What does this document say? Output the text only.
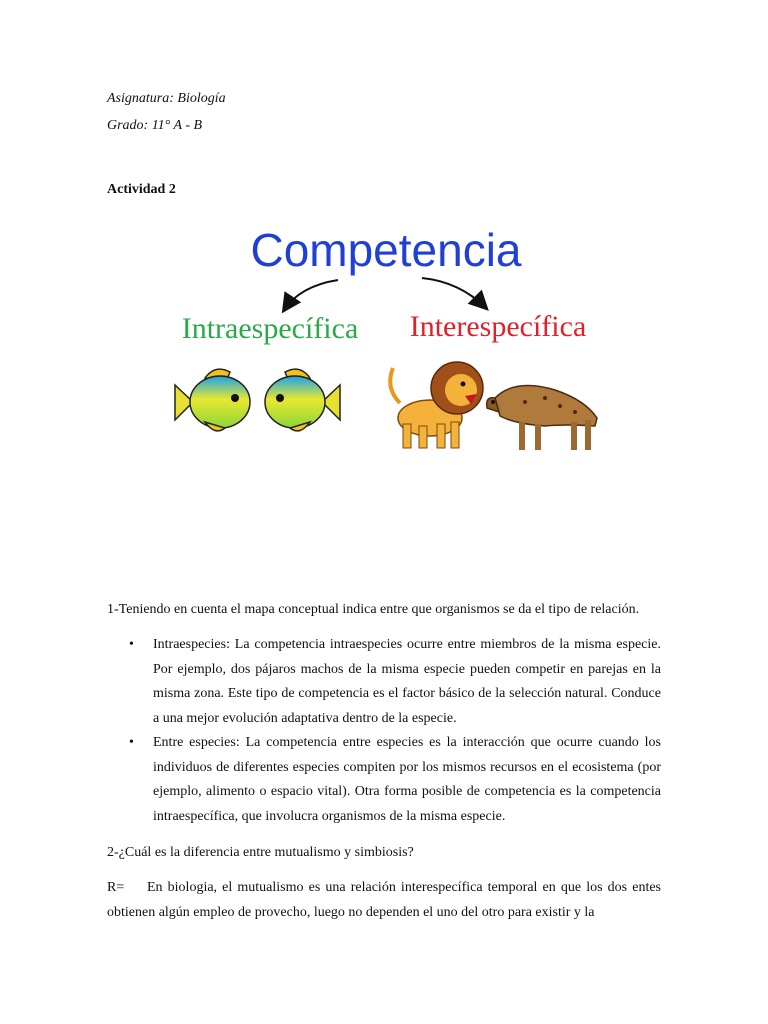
Asignatura: Biología
Grado: 11° A - B
Actividad 2
Competencia
Intraespecífica Interespecífica
1-Teniendo en cuenta el mapa conceptual indica entre que organismos se da el tipo de relación.
• Intraespecies: La competencia intraespecies ocurre entre miembros de la misma especie. Por ejemplo, dos pájaros machos de la misma especie pueden competir en parejas en la misma zona. Este tipo de competencia es el factor básico de la selección natural. Conduce a una mejor evolución adaptativa dentro de la especie.
• Entre especies: La competencia entre especies es la interacción que ocurre cuando los individuos de diferentes especies compiten por los mismos recursos en el ecosistema (por ejemplo, alimento o espacio vital). Otra forma posible de competencia es la competencia intraespecífica, que involucra organismos de la misma especie.
2-¿Cuál es la diferencia entre mutualismo y simbiosis?
R= En biologia, el mutualismo es una relación interespecífica temporal en que los dos entes obtienen algún empleo de provecho, luego no dependen el uno del otro para existir y la
